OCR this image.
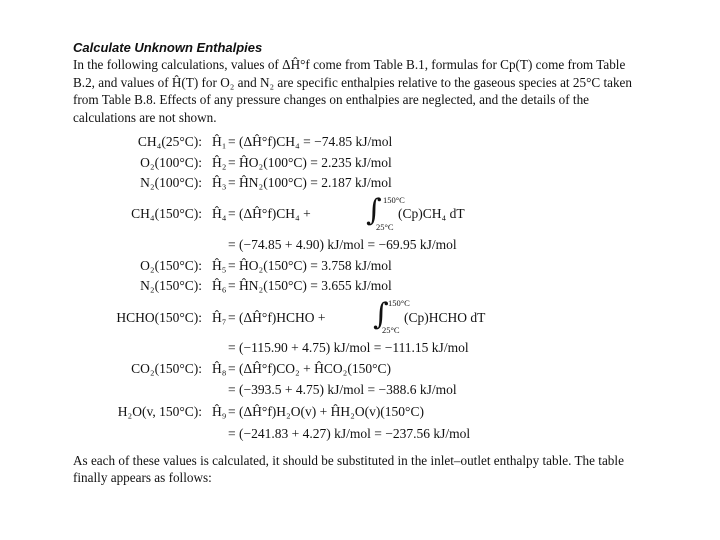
Calculate Unknown Enthalpies

In the following calculations, values of ΔĤ°f come from Table B.1, formulas for Cp(T) come from Table B.2, and values of Ĥ(T) for O₂ and N₂ are specific enthalpies relative to the gaseous species at 25°C taken from Table B.8. Effects of any pressure changes on enthalpies are neglected, and the details of the calculations are not shown.

CH₄(25°C): Ĥ₁ = (ΔĤ°f)CH₄ = −74.85 kJ/mol
O₂(100°C): Ĥ₂ = ĤO₂(100°C) = 2.235 kJ/mol
N₂(100°C): Ĥ₃ = ĤN₂(100°C) = 2.187 kJ/mol
CH₄(150°C): Ĥ₄ = (ΔĤ°f)CH₄ + ∫ 150°C
25°C
(Cp)CH₄ dT
= (−74.85 + 4.90) kJ/mol = −69.95 kJ/mol
O₂(150°C): Ĥ₅ = ĤO₂(150°C) = 3.758 kJ/mol
N₂(150°C): Ĥ₆ = ĤN₂(150°C) = 3.655 kJ/mol
HCHO(150°C): Ĥ₇ = (ΔĤ°f)HCHO + ∫ 150°C
25°C
(Cp)HCHO dT
= (−115.90 + 4.75) kJ/mol = −111.15 kJ/mol
CO₂(150°C): Ĥ₈ = (ΔĤ°f)CO₂ + ĤCO₂(150°C)
= (−393.5 + 4.75) kJ/mol = −388.6 kJ/mol
H₂O(v, 150°C): Ĥ₉ = (ΔĤ°f)H₂O(v) + ĤH₂O(v)(150°C)
= (−241.83 + 4.27) kJ/mol = −237.56 kJ/mol

As each of these values is calculated, it should be substituted in the inlet–outlet enthalpy table. The table finally appears as follows:
